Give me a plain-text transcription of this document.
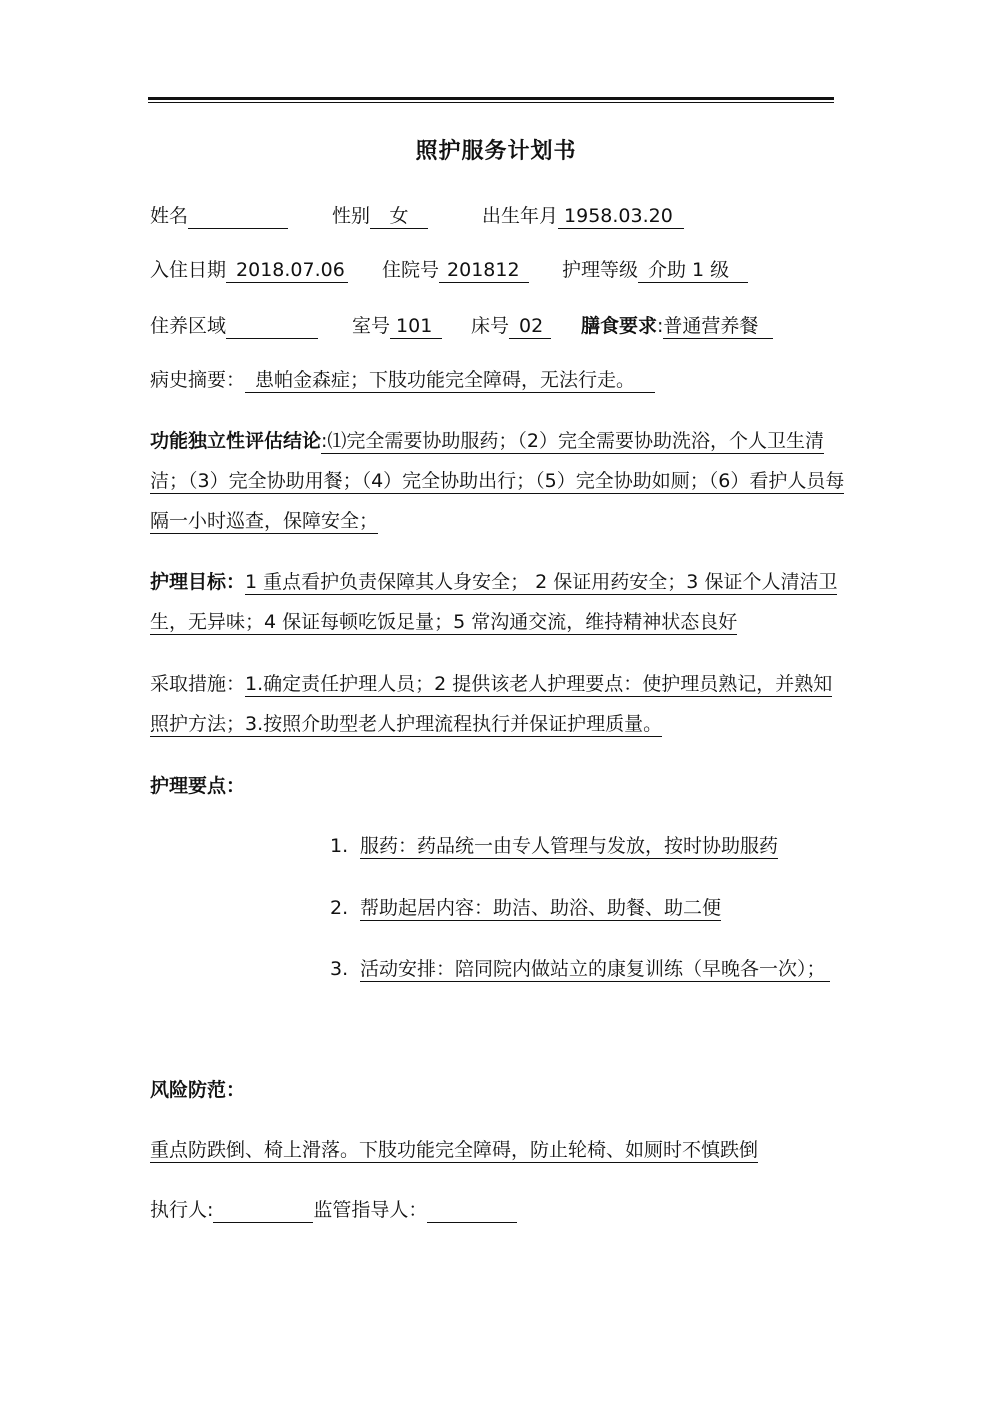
照护服务计划书
姓名	性别 女	出生年月 1958.03.20
入住日期 2018.07.06 住院号 201812	护理等级 介助 1 级
住养区域	室号 101	床号 02	膳食要求:普通营养餐
病史摘要： 患帕金森症；下肢功能完全障碍，无法行走。
功能独立性评估结论:⑴完全需要协助服药；（2）完全需要协助洗浴，个人卫生清洁；（3）完全协助用餐；（4）完全协助出行；（5）完全协助如厕；（6）看护人员每隔一小时巡查，保障安全；
护理目标：1 重点看护负责保障其人身安全； 2 保证用药安全；3 保证个人清洁卫生，无异味；4 保证每顿吃饭足量；5 常沟通交流，维持精神状态良好
采取措施：1.确定责任护理人员；2 提供该老人护理要点：使护理员熟记，并熟知照护方法；3.按照介助型老人护理流程执行并保证护理质量。
护理要点：
1. 服药：药品统一由专人管理与发放，按时协助服药
2. 帮助起居内容：助洁、助浴、助餐、助二便
3. 活动安排：陪同院内做站立的康复训练（早晚各一次）；
风险防范：
重点防跌倒、椅上滑落。下肢功能完全障碍，防止轮椅、如厕时不慎跌倒
执行人:	监管指导人：
